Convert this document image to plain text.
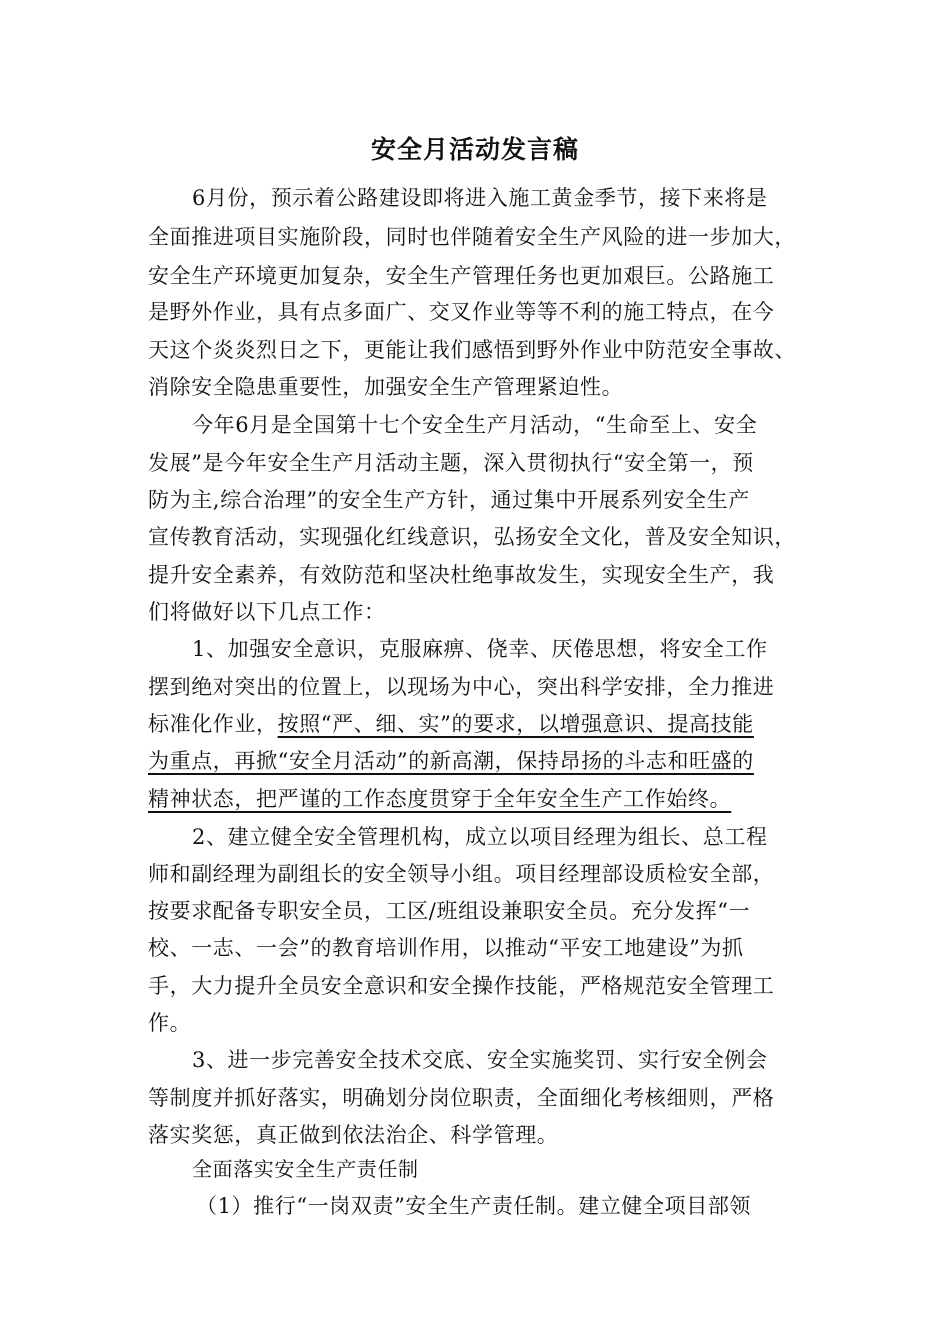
安全月活动发言稿

6月份，预示着公路建设即将进入施工黄金季节，接下来将是

全面推进项目实施阶段，同时也伴随着安全生产风险的进一步加大，

安全生产环境更加复杂，安全生产管理任务也更加艰巨。公路施工

是野外作业，具有点多面广、交叉作业等等不利的施工特点，在今

天这个炎炎烈日之下，更能让我们感悟到野外作业中防范安全事故、

消除安全隐患重要性，加强安全生产管理紧迫性。

今年6月是全国第十七个安全生产月活动，“生命至上、安全

发展”是今年安全生产月活动主题，深入贯彻执行“安全第一，预

防为主,综合治理”的安全生产方针，通过集中开展系列安全生产

宣传教育活动，实现强化红线意识，弘扬安全文化，普及安全知识，

提升安全素养，有效防范和坚决杜绝事故发生，实现安全生产，我

们将做好以下几点工作：

1、加强安全意识，克服麻痹、侥幸、厌倦思想，将安全工作

摆到绝对突出的位置上，以现场为中心，突出科学安排，全力推进

标准化作业，按照“严、细、实”的要求，以增强意识、提高技能

为重点，再掀“安全月活动”的新高潮，保持昂扬的斗志和旺盛的

精神状态，把严谨的工作态度贯穿于全年安全生产工作始终。

2、建立健全安全管理机构，成立以项目经理为组长、总工程

师和副经理为副组长的安全领导小组。项目经理部设质检安全部，

按要求配备专职安全员，工区/班组设兼职安全员。充分发挥“一

校、一志、一会”的教育培训作用，以推动“平安工地建设”为抓

手，大力提升全员安全意识和安全操作技能，严格规范安全管理工

作。

3、进一步完善安全技术交底、安全实施奖罚、实行安全例会

等制度并抓好落实，明确划分岗位职责，全面细化考核细则，严格

落实奖惩，真正做到依法治企、科学管理。

全面落实安全生产责任制

（1）推行“一岗双责”安全生产责任制。建立健全项目部领
